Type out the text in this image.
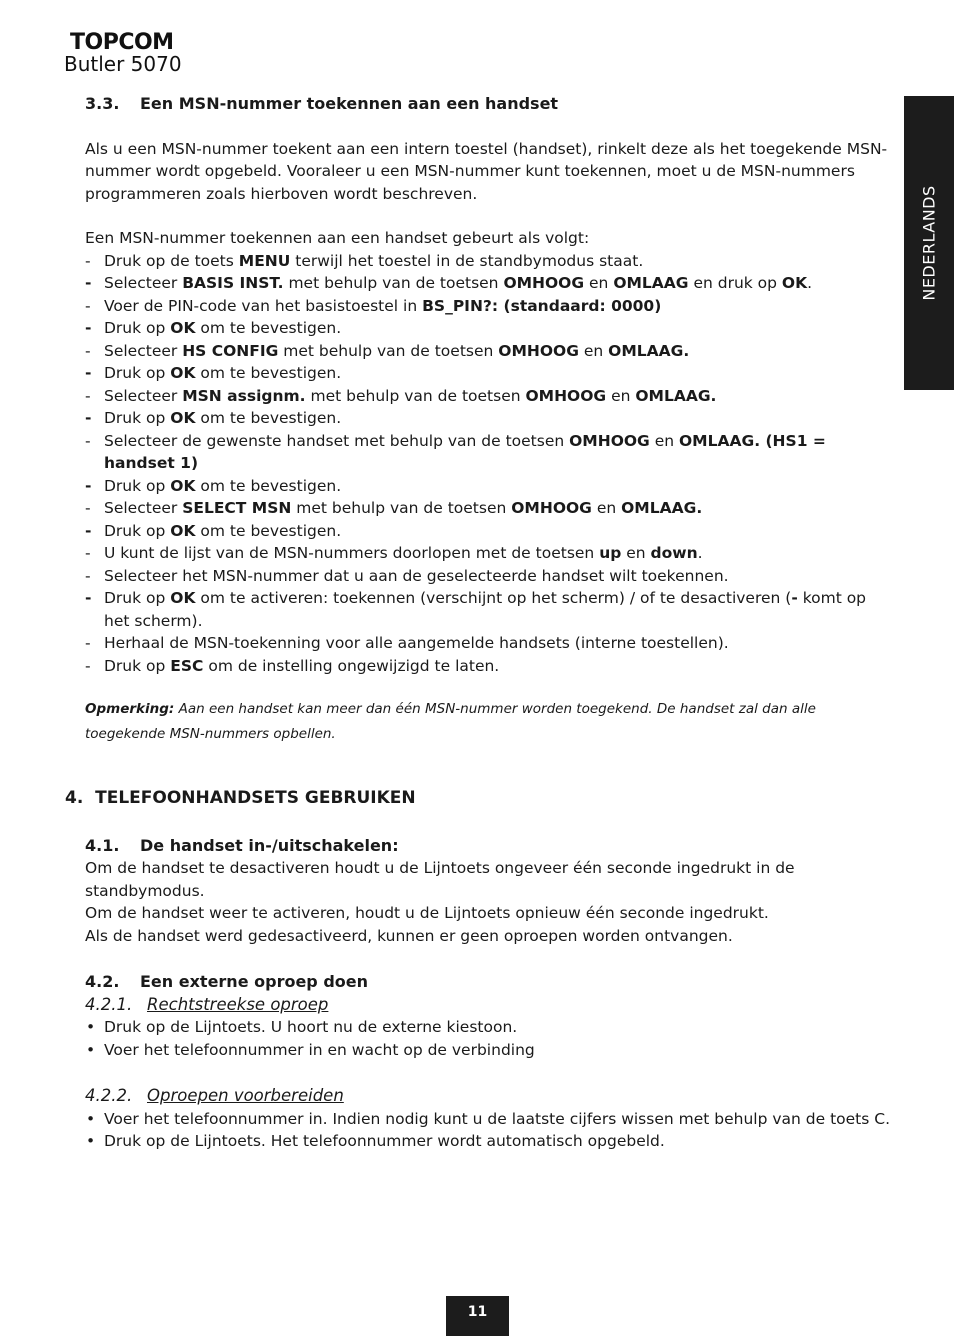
TOPCOM
Butler 5070
NEDERLANDS

3.3. Een MSN-nummer toekennen aan een handset

Als u een MSN-nummer toekent aan een intern toestel (handset), rinkelt deze als het toegekende MSN-nummer wordt opgebeld. Vooraleer u een MSN-nummer kunt toekennen, moet u de MSN-nummers programmeren zoals hierboven wordt beschreven.

Een MSN-nummer toekennen aan een handset gebeurt als volgt:

- Druk op de toets MENU terwijl het toestel in de standbymodus staat.
- Selecteer BASIS INST. met behulp van de toetsen OMHOOG en OMLAAG en druk op OK.
- Voer de PIN-code van het basistoestel in BS_PIN?: (standaard: 0000)
- Druk op OK om te bevestigen.
- Selecteer HS CONFIG met behulp van de toetsen OMHOOG en OMLAAG.
- Druk op OK om te bevestigen.
- Selecteer MSN assignm. met behulp van de toetsen OMHOOG en OMLAAG.
- Druk op OK om te bevestigen.
- Selecteer de gewenste handset met behulp van de toetsen OMHOOG en OMLAAG. (HS1 = handset 1)
- Druk op OK om te bevestigen.
- Selecteer SELECT MSN met behulp van de toetsen OMHOOG en OMLAAG.
- Druk op OK om te bevestigen.
- U kunt de lijst van de MSN-nummers doorlopen met de toetsen up en down.
- Selecteer het MSN-nummer dat u aan de geselecteerde handset wilt toekennen.
- Druk op OK om te activeren: toekennen (verschijnt op het scherm) / of te desactiveren (- komt op het scherm).
- Herhaal de MSN-toekenning voor alle aangemelde handsets (interne toestellen).
- Druk op ESC om de instelling ongewijzigd te laten.

Opmerking: Aan een handset kan meer dan één MSN-nummer worden toegekend. De handset zal dan alle toegekende MSN-nummers opbellen.

4. TELEFOONHANDSETS GEBRUIKEN

4.1. De handset in-/uitschakelen:

Om de handset te desactiveren houdt u de Lijntoets ongeveer één seconde ingedrukt in de standbymodus.

Om de handset weer te activeren, houdt u de Lijntoets opnieuw één seconde ingedrukt.

Als de handset werd gedesactiveerd, kunnen er geen oproepen worden ontvangen.

4.2. Een externe oproep doen

4.2.1. Rechtstreekse oproep

• Druk op de Lijntoets. U hoort nu de externe kiestoon.
• Voer het telefoonnummer in en wacht op de verbinding

4.2.2. Oproepen voorbereiden

• Voer het telefoonnummer in. Indien nodig kunt u de laatste cijfers wissen met behulp van de toets C.
• Druk op de Lijntoets. Het telefoonnummer wordt automatisch opgebeld.
11
